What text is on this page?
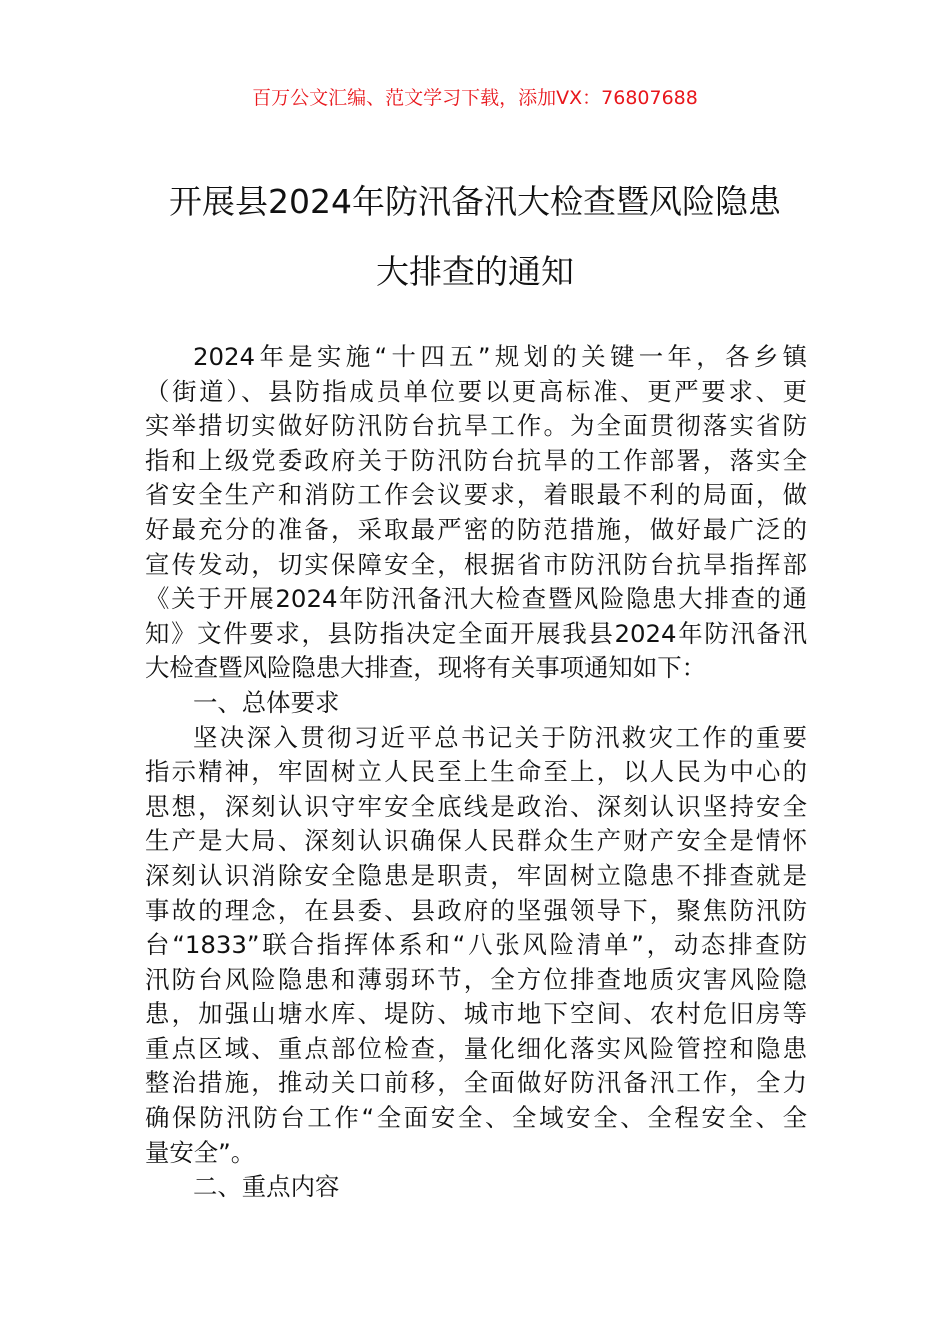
百万公文汇编、范文学习下载，添加VX：76807688
开展县2024年防汛备汛大检查暨风险隐患
大排查的通知
2024年是实施“十四五”规划的关键一年，各乡镇
（街道）、县防指成员单位要以更高标准、更严要求、更
实举措切实做好防汛防台抗旱工作。为全面贯彻落实省防
指和上级党委政府关于防汛防台抗旱的工作部署，落实全
省安全生产和消防工作会议要求，着眼最不利的局面，做
好最充分的准备，采取最严密的防范措施，做好最广泛的
宣传发动，切实保障安全，根据省市防汛防台抗旱指挥部
《关于开展2024年防汛备汛大检查暨风险隐患大排查的通
知》文件要求，县防指决定全面开展我县2024年防汛备汛
大检查暨风险隐患大排查，现将有关事项通知如下：
一、总体要求
坚决深入贯彻习近平总书记关于防汛救灾工作的重要
指示精神，牢固树立人民至上生命至上，以人民为中心的
思想，深刻认识守牢安全底线是政治、深刻认识坚持安全
生产是大局、深刻认识确保人民群众生产财产安全是情怀
深刻认识消除安全隐患是职责，牢固树立隐患不排查就是
事故的理念，在县委、县政府的坚强领导下，聚焦防汛防
台“1833”联合指挥体系和“八张风险清单”，动态排查防
汛防台风险隐患和薄弱环节，全方位排查地质灾害风险隐
患，加强山塘水库、堤防、城市地下空间、农村危旧房等
重点区域、重点部位检查，量化细化落实风险管控和隐患
整治措施，推动关口前移，全面做好防汛备汛工作，全力
确保防汛防台工作“全面安全、全域安全、全程安全、全
量安全”。
二、重点内容
